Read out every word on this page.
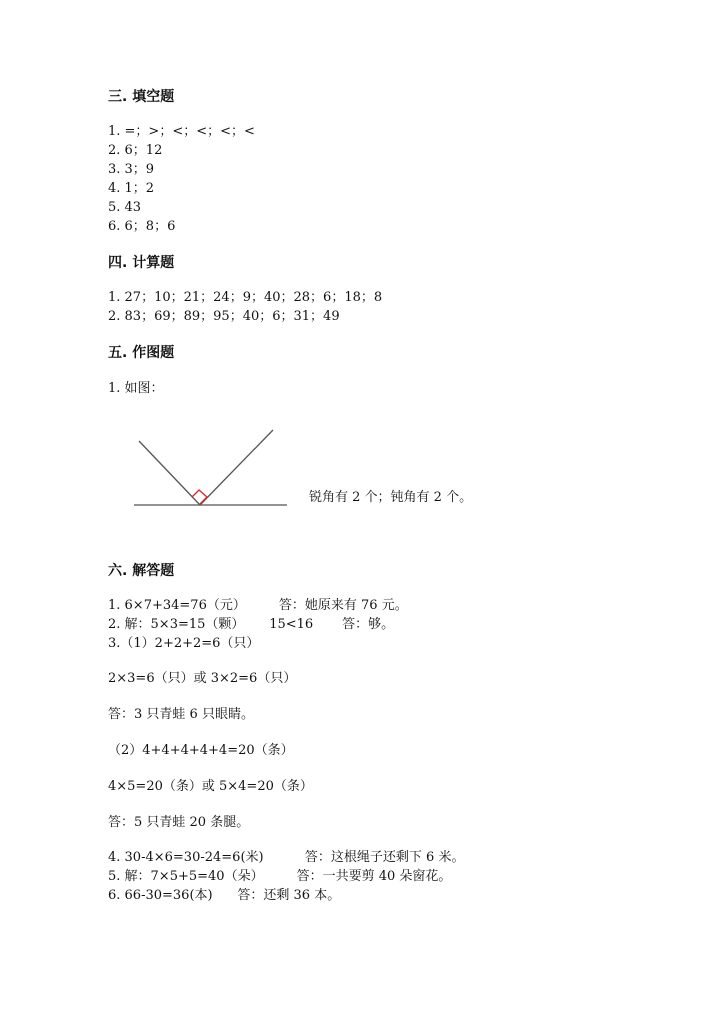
三. 填空题
1. =；>；<；<；<；<
2. 6；12
3. 3；9
4. 1；2
5. 43
6. 6；8；6
四. 计算题
1. 27；10；21；24；9；40；28；6；18；8
2. 83；69；89；95；40；6；31；49
五. 作图题
1. 如图：
锐角有 2 个；钝角有 2 个。
六. 解答题
1. 6×7+34=76（元）        答：她原来有 76 元。
2. 解：5×3=15（颗）      15<16       答：够。
3.（1）2+2+2=6（只）
2×3=6（只）或 3×2=6（只）
答：3 只青蛙 6 只眼睛。
（2）4+4+4+4+4=20（条）
4×5=20（条）或 5×4=20（条）
答：5 只青蛙 20 条腿。
4. 30-4×6=30-24=6(米)          答：这根绳子还剩下 6 米。
5. 解：7×5+5=40（朵）        答：一共要剪 40 朵窗花。
6. 66-30=36(本)      答：还剩 36 本。
